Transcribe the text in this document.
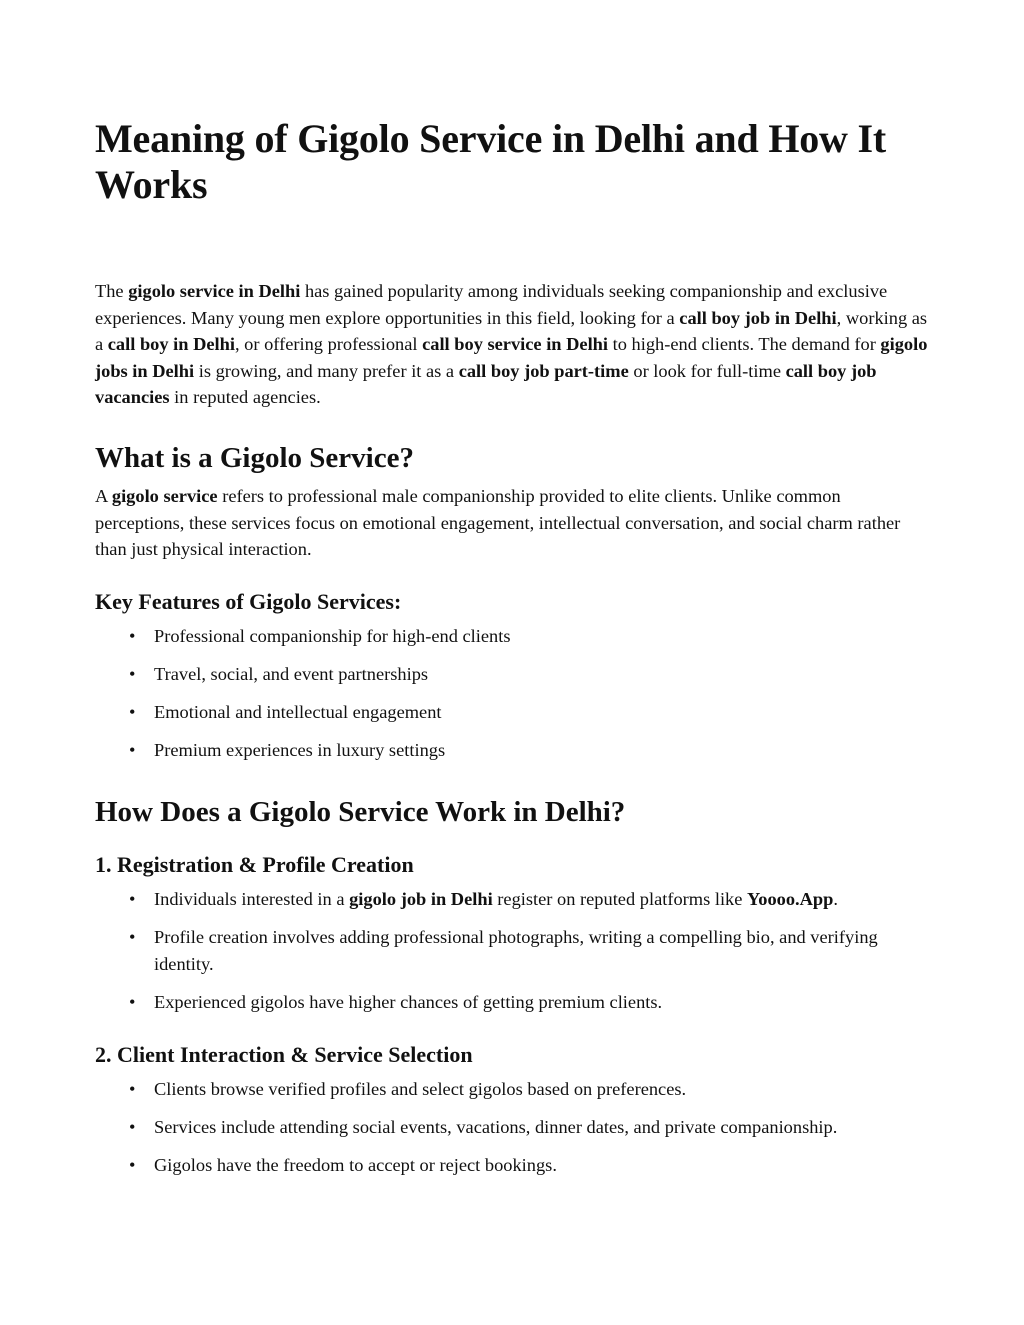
Meaning of Gigolo Service in Delhi and How It Works

The gigolo service in Delhi has gained popularity among individuals seeking companionship and exclusive experiences. Many young men explore opportunities in this field, looking for a call boy job in Delhi, working as a call boy in Delhi, or offering professional call boy service in Delhi to high-end clients. The demand for gigolo jobs in Delhi is growing, and many prefer it as a call boy job part-time or look for full-time call boy job vacancies in reputed agencies.

What is a Gigolo Service?

A gigolo service refers to professional male companionship provided to elite clients. Unlike common perceptions, these services focus on emotional engagement, intellectual conversation, and social charm rather than just physical interaction.

Key Features of Gigolo Services:
• Professional companionship for high-end clients
• Travel, social, and event partnerships
• Emotional and intellectual engagement
• Premium experiences in luxury settings
How Does a Gigolo Service Work in Delhi?
1. Registration & Profile Creation
• Individuals interested in a gigolo job in Delhi register on reputed platforms like Yoooo.App.
• Profile creation involves adding professional photographs, writing a compelling bio, and verifying identity.
• Experienced gigolos have higher chances of getting premium clients.
2. Client Interaction & Service Selection
• Clients browse verified profiles and select gigolos based on preferences.
• Services include attending social events, vacations, dinner dates, and private companionship.
• Gigolos have the freedom to accept or reject bookings.
